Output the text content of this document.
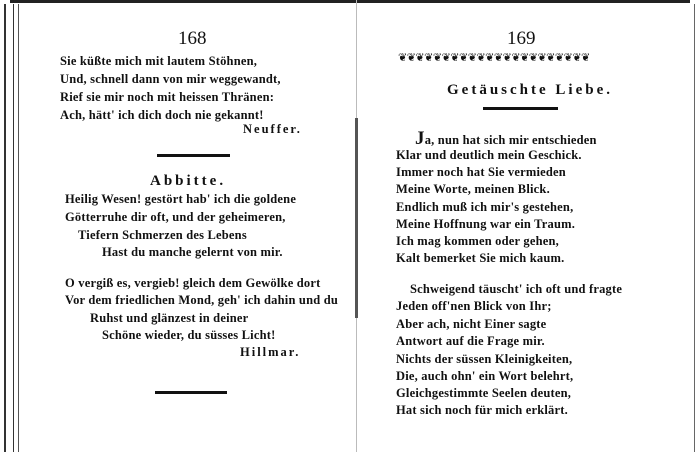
168
Sie küßte mich mit lautem Stöhnen,
Und, schnell dann von mir weggewandt,
Rief sie mir noch mit heissen Thränen:
Ach, hätt' ich dich doch nie gekannt!
Neuffer.
Abbitte.
Heilig Wesen! gestört hab' ich die goldene
Götterruhe dir oft, und der geheimeren,
Tiefern Schmerzen des Lebens
Hast du manche gelernt von mir.
O vergiß es, vergieb! gleich dem Gewölke dort
Vor dem friedlichen Mond, geh' ich dahin und du
Ruhst und glänzest in deiner
Schöne wieder, du süsses Licht!
Hillmar.
169
❦❦❦❦❦❦❦❦❦❦❦❦❦❦❦❦❦❦❦❦❦❦
Getäuschte Liebe.
Ja, nun hat sich mir entschieden
Klar und deutlich mein Geschick.
Immer noch hat Sie vermieden
Meine Worte, meinen Blick.
Endlich muß ich mir's gestehen,
Meine Hoffnung war ein Traum.
Ich mag kommen oder gehen,
Kalt bemerket Sie mich kaum.
Schweigend täuscht' ich oft und fragte
Jeden off'nen Blick von Ihr;
Aber ach, nicht Einer sagte
Antwort auf die Frage mir.
Nichts der süssen Kleinigkeiten,
Die, auch ohn' ein Wort belehrt,
Gleichgestimmte Seelen deuten,
Hat sich noch für mich erklärt.
